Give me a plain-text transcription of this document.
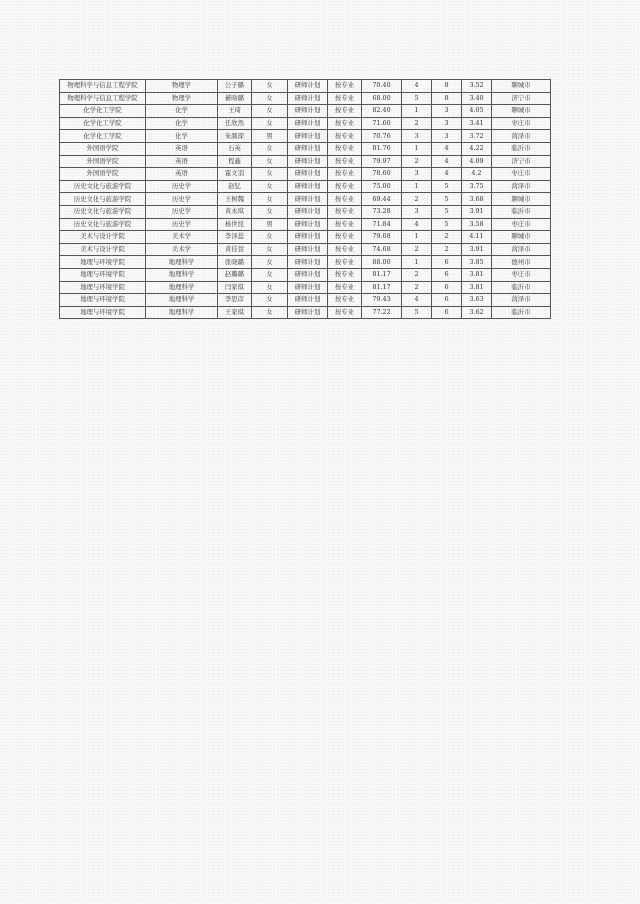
物理科学与信息工程学院	物理学	公子璐	女	研师计划	按专业	70.40	4	8	3.52	聊城市
物理科学与信息工程学院	物理学	綦晗璐	女	研师计划	按专业	68.00	5	8	3.40	济宁市
化学化工学院	化学	王琦	女	研师计划	按专业	82.40	1	3	4.05	聊城市
化学化工学院	化学	任欣然	女	研师计划	按专业	71.60	2	3	3.41	枣庄市
化学化工学院	化学	朱颜琛	男	研师计划	按专业	70.76	3	3	3.72	菏泽市
外国语学院	英语	石英	女	研师计划	按专业	81.76	1	4	4.22	临沂市
外国语学院	英语	程鑫	女	研师计划	按专业	79.97	2	4	4.09	济宁市
外国语学院	英语	霍文羽	女	研师计划	按专业	78.60	3	4	4.2	枣庄市
历史文化与旅游学院	历史学	赵钇	女	研师计划	按专业	75.00	1	5	3.75	菏泽市
历史文化与旅游学院	历史学	王树魏	女	研师计划	按专业	69.44	2	5	3.68	聊城市
历史文化与旅游学院	历史学	黄永琪	女	研师计划	按专业	73.28	3	5	3.91	临沂市
历史文化与旅游学院	历史学	杨世昆	男	研师计划	按专业	71.84	4	5	3.58	枣庄市
美术与设计学院	美术学	李泽蕊	女	研师计划	按专业	79.08	1	2	4.11	聊城市
美术与设计学院	美术学	黄佳萱	女	研师计划	按专业	74.68	2	2	3.91	菏泽市
地理与环境学院	地理科学	张晓璐	女	研师计划	按专业	88.00	1	6	3.85	德州市
地理与环境学院	地理科学	赵璐璐	女	研师计划	按专业	81.17	2	6	3.81	枣庄市
地理与环境学院	地理科学	闫家琪	女	研师计划	按专业	81.17	2	6	3.81	临沂市
地理与环境学院	地理科学	李思彦	女	研师计划	按专业	79.43	4	6	3.63	菏泽市
地理与环境学院	地理科学	王家琪	女	研师计划	按专业	77.22	5	6	3.62	临沂市
